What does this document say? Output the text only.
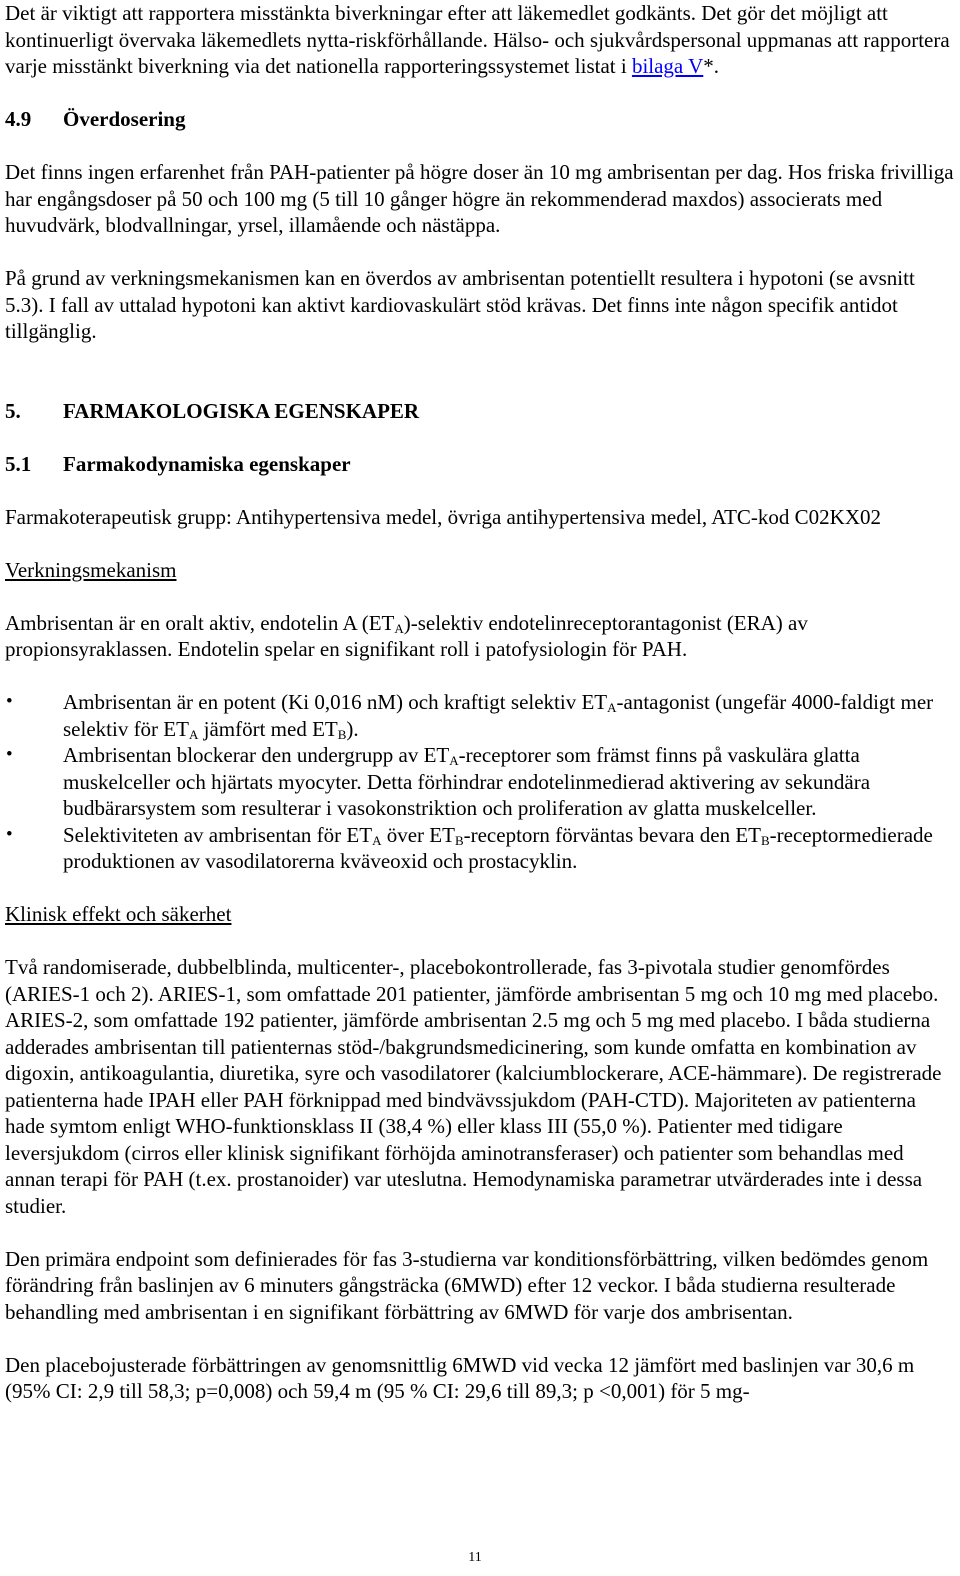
Det är viktigt att rapportera misstänkta biverkningar efter att läkemedlet godkänts. Det gör det möjligt att kontinuerligt övervaka läkemedlets nytta-riskförhållande. Hälso- och sjukvårdspersonal uppmanas att rapportera varje misstänkt biverkning via det nationella rapporteringssystemet listat i bilaga V*.

4.9	Överdosering

Det finns ingen erfarenhet från PAH-patienter på högre doser än 10 mg ambrisentan per dag. Hos friska frivilliga har engångsdoser på 50 och 100 mg (5 till 10 gånger högre än rekommenderad maxdos) associerats med huvudvärk, blodvallningar, yrsel, illamående och nästäppa.

På grund av verkningsmekanismen kan en överdos av ambrisentan potentiellt resultera i hypotoni (se avsnitt 5.3). I fall av uttalad hypotoni kan aktivt kardiovaskulärt stöd krävas. Det finns inte någon specifik antidot tillgänglig.

5.	FARMAKOLOGISKA EGENSKAPER
5.1	Farmakodynamiska egenskaper

Farmakoterapeutisk grupp: Antihypertensiva medel, övriga antihypertensiva medel, ATC-kod C02KX02

Verkningsmekanism

Ambrisentan är en oralt aktiv, endotelin A $(ET_A)$-selektiv endotelinreceptorantagonist (ERA) av propionsyraklassen. Endotelin spelar en signifikant roll i patofysiologin för PAH.

• Ambrisentan är en potent (Ki 0,016 nM) och kraftigt selektiv $ET_A$-antagonist (ungefär 4000-faldigt mer selektiv för $ET_A$ jämfört med $ET_B$).
• Ambrisentan blockerar den undergrupp av $ET_A$-receptorer som främst finns på vaskulära glatta muskelceller och hjärtats myocyter. Detta förhindrar endotelinmedierad aktivering av sekundära budbärarsystem som resulterar i vasokonstriktion och proliferation av glatta muskelceller.
• Selektiviteten av ambrisentan för $ET_A$ över $ET_B$-receptorn förväntas bevara den $ET_B$-receptormedierade produktionen av vasodilatorerna kväveoxid och prostacyklin.

Klinisk effekt och säkerhet

Två randomiserade, dubbelblinda, multicenter-, placebokontrollerade, fas 3-pivotala studier genomfördes (ARIES-1 och 2). ARIES-1, som omfattade 201 patienter, jämförde ambrisentan 5 mg och 10 mg med placebo. ARIES-2, som omfattade 192 patienter, jämförde ambrisentan 2.5 mg och 5 mg med placebo. I båda studierna adderades ambrisentan till patienternas stöd-/bakgrundsmedicinering, som kunde omfatta en kombination av digoxin, antikoagulantia, diuretika, syre och vasodilatorer (kalciumblockerare, ACE-hämmare). De registrerade patienterna hade IPAH eller PAH förknippad med bindvävssjukdom (PAH-CTD). Majoriteten av patienterna hade symtom enligt WHO-funktionsklass II (38,4 %) eller klass III (55,0 %). Patienter med tidigare leversjukdom (cirros eller klinisk signifikant förhöjda aminotransferaser) och patienter som behandlas med annan terapi för PAH (t.ex. prostanoider) var uteslutna. Hemodynamiska parametrar utvärderades inte i dessa studier.

Den primära endpoint som definierades för fas 3-studierna var konditionsförbättring, vilken bedömdes genom förändring från baslinjen av 6 minuters gångsträcka (6MWD) efter 12 veckor. I båda studierna resulterade behandling med ambrisentan i en signifikant förbättring av 6MWD för varje dos ambrisentan.

Den placebojusterade förbättringen av genomsnittlig 6MWD vid vecka 12 jämfört med baslinjen var 30,6 m (95% CI: 2,9 till 58,3; p=0,008) och 59,4 m (95 % CI: 29,6 till 89,3; p <0,001) för 5 mg-

11
